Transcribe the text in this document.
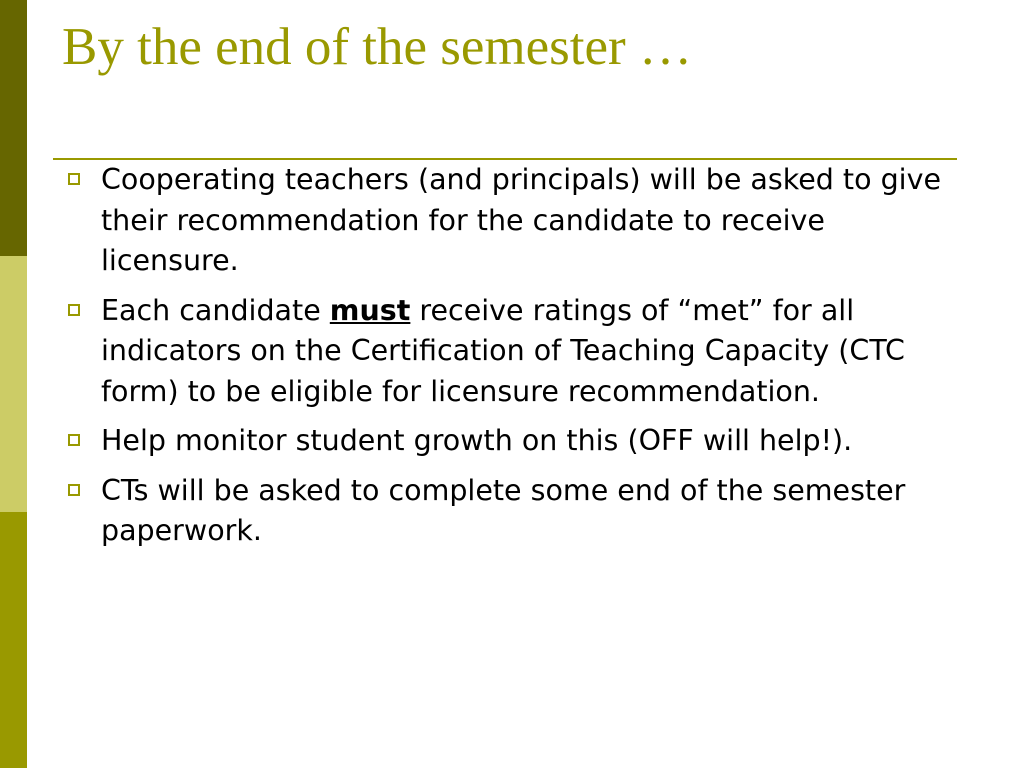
By the end of the semester …
Cooperating teachers (and principals) will be asked to give their recommendation for the candidate to receive licensure.
Each candidate must receive ratings of “met” for all indicators on the Certification of Teaching Capacity (CTC form) to be eligible for licensure recommendation.
Help monitor student growth on this (OFF will help!).
CTs will be asked to complete some end of the semester paperwork.
